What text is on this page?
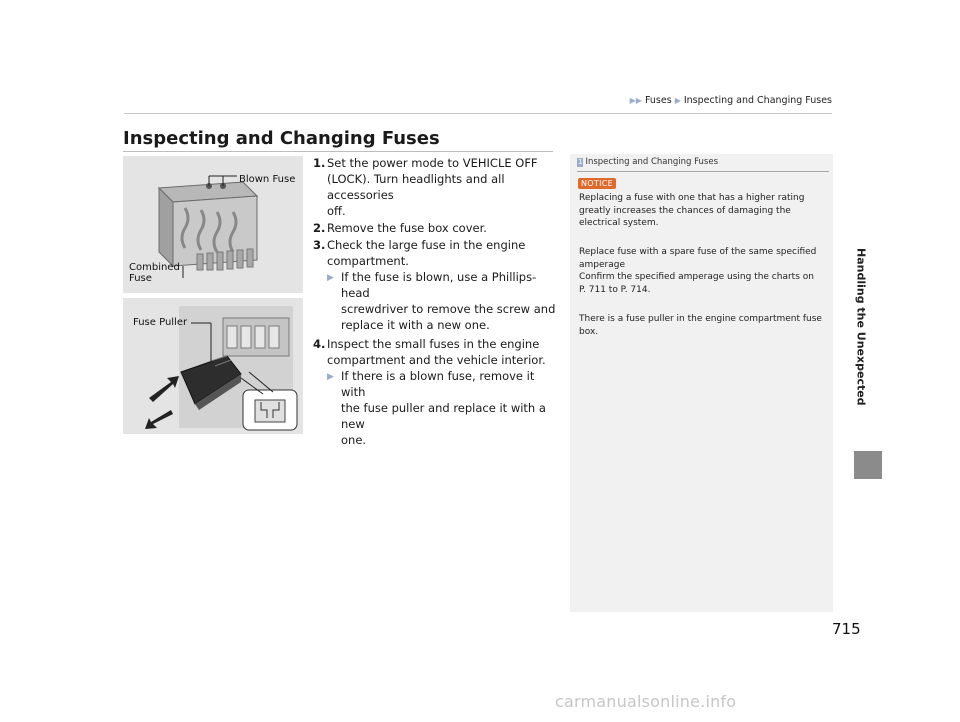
▶▶ Fuses ▶ Inspecting and Changing Fuses
Inspecting and Changing Fuses
Blown Fuse
Combined
Fuse
Fuse Puller
1. Set the power mode to VEHICLE OFF
(LOCK). Turn headlights and all accessories
off.
2. Remove the fuse box cover.
3. Check the large fuse in the engine
compartment.
▶ If the fuse is blown, use a Phillips-head
screwdriver to remove the screw and
replace it with a new one.
4. Inspect the small fuses in the engine
compartment and the vehicle interior.
▶ If there is a blown fuse, remove it with
the fuse puller and replace it with a new
one.
1 Inspecting and Changing Fuses
NOTICE
Replacing a fuse with one that has a higher rating
greatly increases the chances of damaging the
electrical system.
Replace fuse with a spare fuse of the same specified
amperage
Confirm the specified amperage using the charts on
P. 711 to P. 714.
There is a fuse puller in the engine compartment fuse
box.	Handling the Unexpected
715
carmanualsonline.info
